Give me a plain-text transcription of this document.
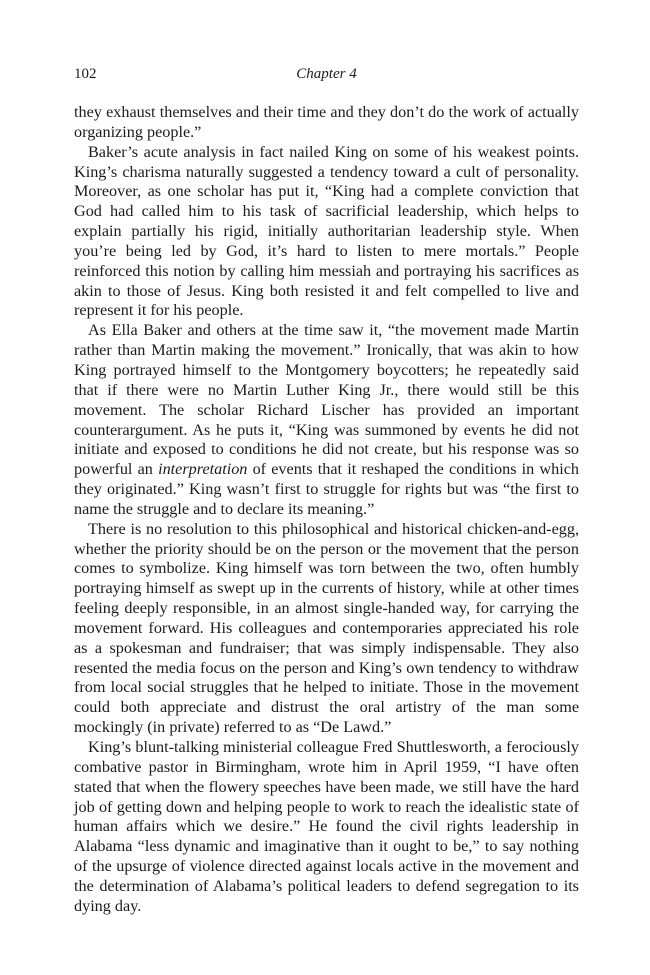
102	Chapter 4

they exhaust themselves and their time and they don’t do the work of actually organizing people.”

Baker’s acute analysis in fact nailed King on some of his weakest points. King’s charisma naturally suggested a tendency toward a cult of personality. Moreover, as one scholar has put it, “King had a complete conviction that God had called him to his task of sacrificial leadership, which helps to explain partially his rigid, initially authoritarian leadership style. When you’re being led by God, it’s hard to listen to mere mortals.” People reinforced this notion by calling him messiah and portraying his sacrifices as akin to those of Jesus. King both resisted it and felt compelled to live and represent it for his people.

As Ella Baker and others at the time saw it, “the movement made Martin rather than Martin making the movement.” Ironically, that was akin to how King portrayed himself to the Montgomery boycotters; he repeatedly said that if there were no Martin Luther King Jr., there would still be this movement. The scholar Richard Lischer has provided an important counterargument. As he puts it, “King was summoned by events he did not initiate and exposed to conditions he did not create, but his response was so powerful an interpretation of events that it reshaped the conditions in which they originated.” King wasn’t first to struggle for rights but was “the first to name the struggle and to declare its meaning.”

There is no resolution to this philosophical and historical chicken-and-egg, whether the priority should be on the person or the movement that the person comes to symbolize. King himself was torn between the two, often humbly portraying himself as swept up in the currents of history, while at other times feeling deeply responsible, in an almost single-handed way, for carrying the movement forward. His colleagues and contemporaries appreciated his role as a spokesman and fundraiser; that was simply indispensable. They also resented the media focus on the person and King’s own tendency to withdraw from local social struggles that he helped to initiate. Those in the movement could both appreciate and distrust the oral artistry of the man some mockingly (in private) referred to as “De Lawd.”

King’s blunt-talking ministerial colleague Fred Shuttlesworth, a ferociously combative pastor in Birmingham, wrote him in April 1959, “I have often stated that when the flowery speeches have been made, we still have the hard job of getting down and helping people to work to reach the idealistic state of human affairs which we desire.” He found the civil rights leadership in Alabama “less dynamic and imaginative than it ought to be,” to say nothing of the upsurge of violence directed against locals active in the movement and the determination of Alabama’s political leaders to defend segregation to its dying day.
